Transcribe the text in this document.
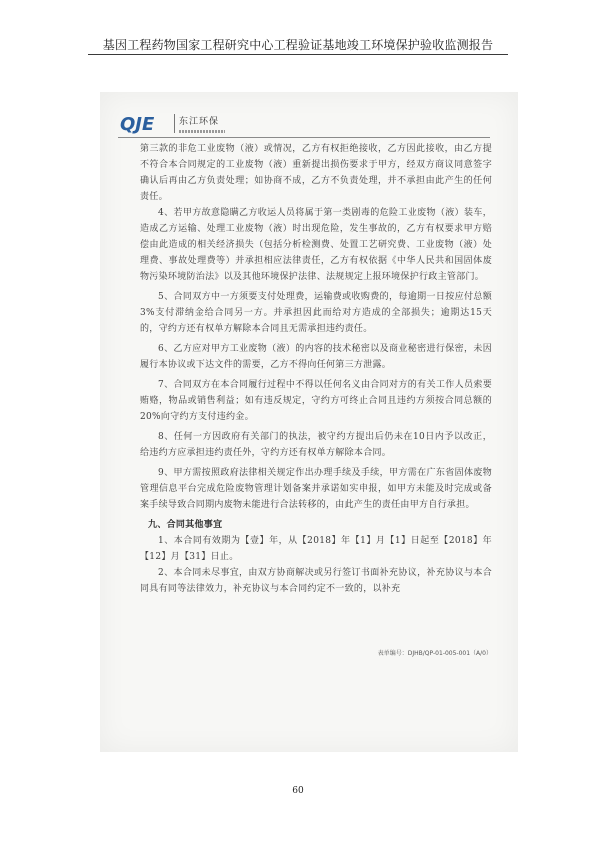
基因工程药物国家工程研究中心工程验证基地竣工环境保护验收监测报告
QJE	东江环保

第三款的非危工业废物（液）或情况，乙方有权拒绝接收，乙方因此接收，由乙方提不符合本合同规定的工业废物（液）重新提出损伤要求于甲方，经双方商议同意签字确认后再由乙方负责处理；如协商不成，乙方不负责处理，并不承担由此产生的任何责任。

4、若甲方故意隐瞒乙方收运人员将属于第一类剧毒的危险工业废物（液）装车，造成乙方运输、处理工业废物（液）时出现危险，发生事故的，乙方有权要求甲方赔偿由此造成的相关经济损失（包括分析检测费、处置工艺研究费、工业废物（液）处理费、事故处理费等）并承担相应法律责任，乙方有权依据《中华人民共和国固体废物污染环境防治法》以及其他环境保护法律、法规规定上报环境保护行政主管部门。

5、合同双方中一方须要支付处理费，运输费或收购费的，每逾期一日按应付总额3%支付滞纳金给合同另一方。并承担因此而给对方造成的全部损失；逾期达15天的，守约方还有权单方解除本合同且无需承担违约责任。

6、乙方应对甲方工业废物（液）的内容的技术秘密以及商业秘密进行保密，未因履行本协议或下达文件的需要，乙方不得向任何第三方泄露。

7、合同双方在本合同履行过程中不得以任何名义由合同对方的有关工作人员索要贿赂，物品或销售利益；如有违反规定，守约方可终止合同且违约方须按合同总额的20%向守约方支付违约金。

8、任何一方因政府有关部门的执法，被守约方提出后仍未在10日内予以改正，给违约方应承担违约责任外，守约方还有权单方解除本合同。

9、甲方需按照政府法律相关规定作出办理手续及手续，甲方需在广东省固体废物管理信息平台完成危险废物管理计划备案并承诺如实申报，如甲方未能及时完成或备案手续导致合同期内废物未能进行合法转移的，由此产生的责任由甲方自行承担。

九、合同其他事宜

1、本合同有效期为【壹】年，从【2018】年【1】月【1】日起至【2018】年【12】月【31】日止。

2、本合同未尽事宜，由双方协商解决或另行签订书面补充协议，补充协议与本合同具有同等法律效力，补充协议与本合同约定不一致的，以补充

表单编号：DJHB/QP-01-005-001（A/0）
60
